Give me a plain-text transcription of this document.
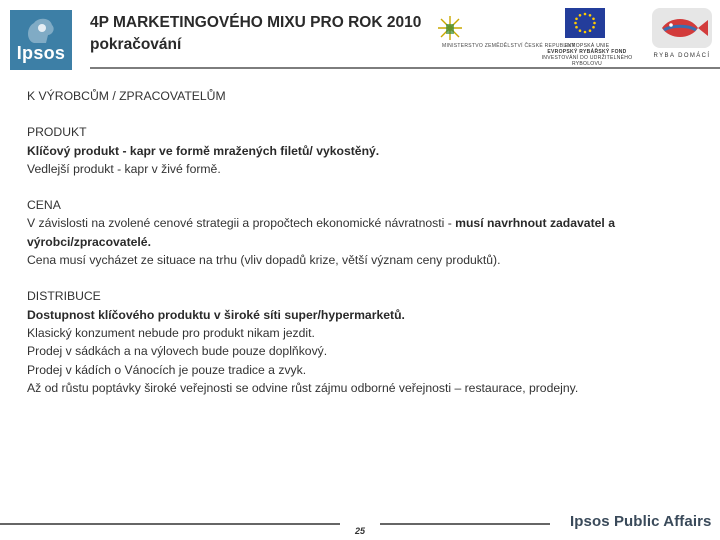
Ipsos
4P MARKETINGOVÉHO MIXU PRO ROK 2010
pokračování	MINISTERSTVO ZEMĚDĚLSTVÍ ČESKÉ REPUBLIKY
EVROPSKÁ UNIE
EVROPSKÝ RYBÁŘSKÝ FOND
INVESTOVÁNÍ DO UDRŽITELNÉHO RYBOLOVU
RYBA DOMÁCÍ

K VÝROBCŮM / ZPRACOVATELŮM

PRODUKT

Klíčový produkt - kapr ve formě mražených filetů/ vykostěný.

Vedlejší produkt - kapr v živé formě.

CENA

V závislosti na zvolené cenové strategii a propočtech ekonomické návratnosti - musí navrhnout zadavatel a výrobci/zpracovatelé.

Cena musí vycházet ze situace na trhu (vliv dopadů krize, větší význam ceny produktů).

DISTRIBUCE

Dostupnost klíčového produktu v široké síti super/hypermarketů.

Klasický konzument nebude pro produkt nikam jezdit.

Prodej v sádkách a na výlovech bude pouze doplňkový.

Prodej v kádích o Vánocích je pouze tradice a zvyk.

Až od růstu poptávky široké veřejnosti se odvine růst zájmu odborné veřejnosti – restaurace, prodejny.

25
Ipsos Public Affairs
